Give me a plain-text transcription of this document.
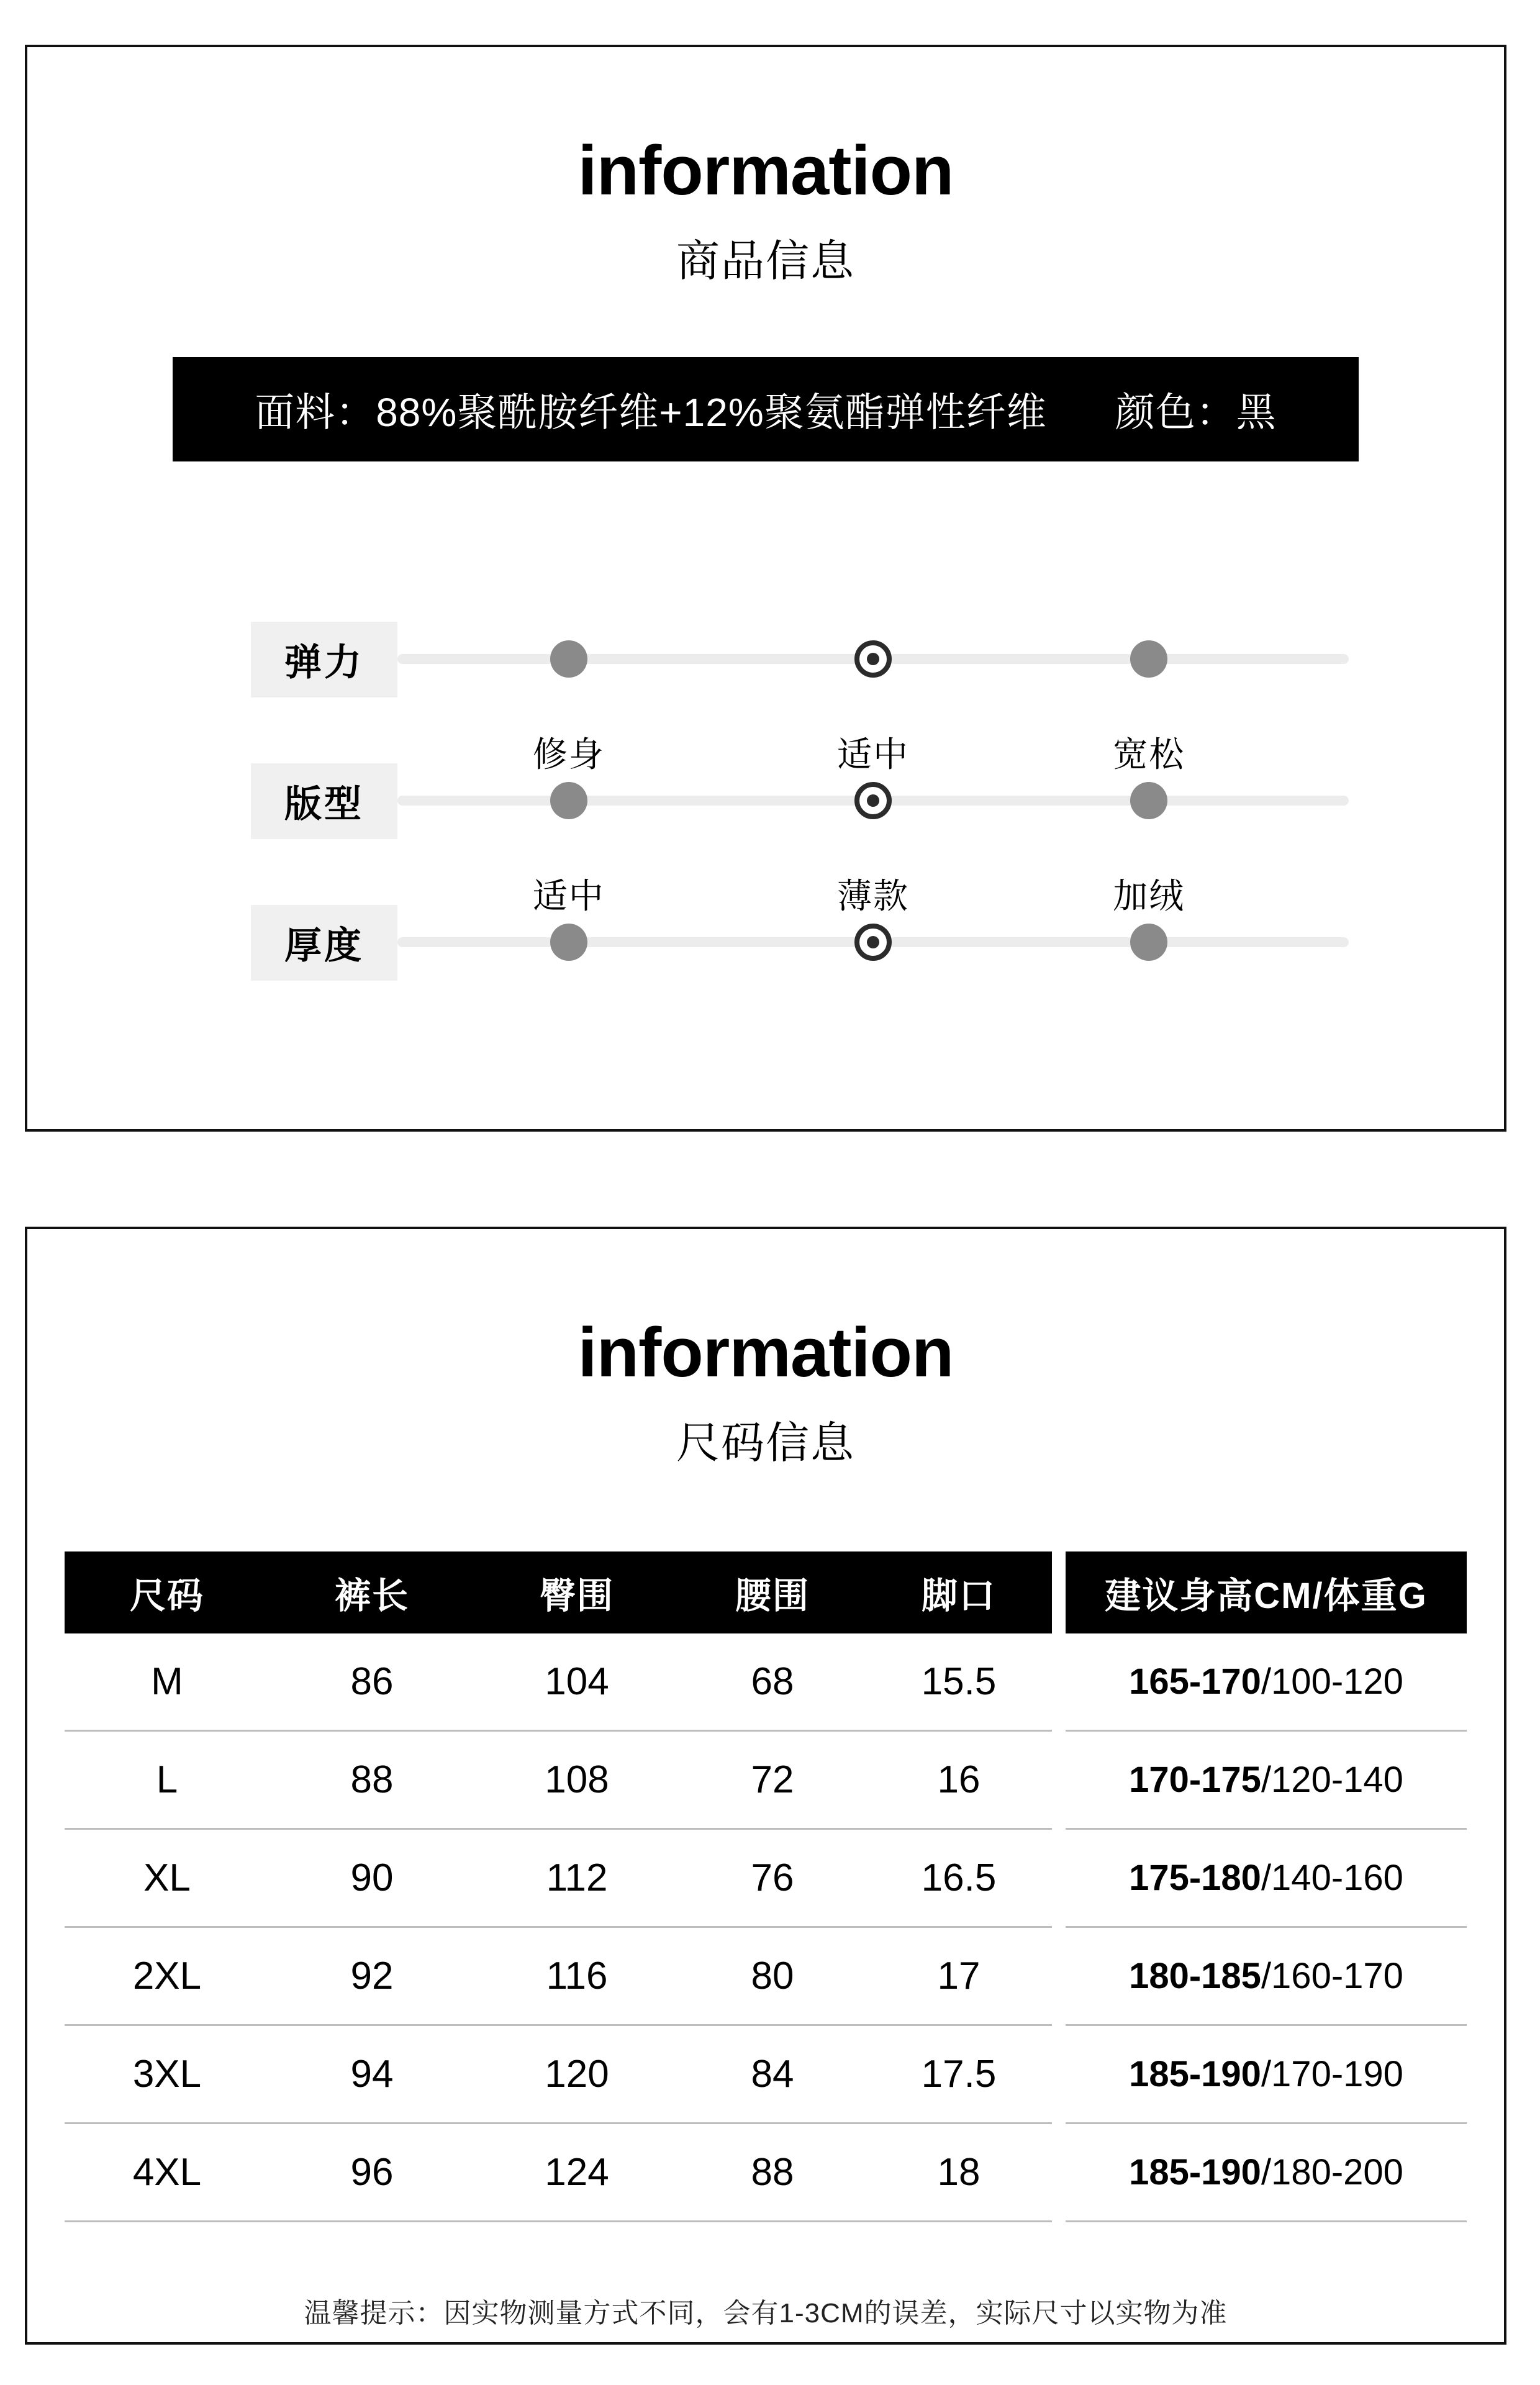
information
商品信息
面料：88%聚酰胺纤维+12%聚氨酯弹性纤维 颜色：黑
弹力
版型
修身	适中	宽松
厚度
适中	薄款	加绒
information
尺码信息
尺码	裤长	臀围	腰围	脚口	建议身高CM/体重G
M	86	104	68	15.5	165-170 /100-120
L	88	108	72	16	170-175 /120-140
XL	90	112	76	16.5	175-180 /140-160
2XL	92	116	80	17	180-185 /160-170
3XL	94	120	84	17.5	185-190 /170-190
4XL	96	124	88	18	185-190 /180-200
温馨提示：因实物测量方式不同，会有1-3CM的误差，实际尺寸以实物为准
